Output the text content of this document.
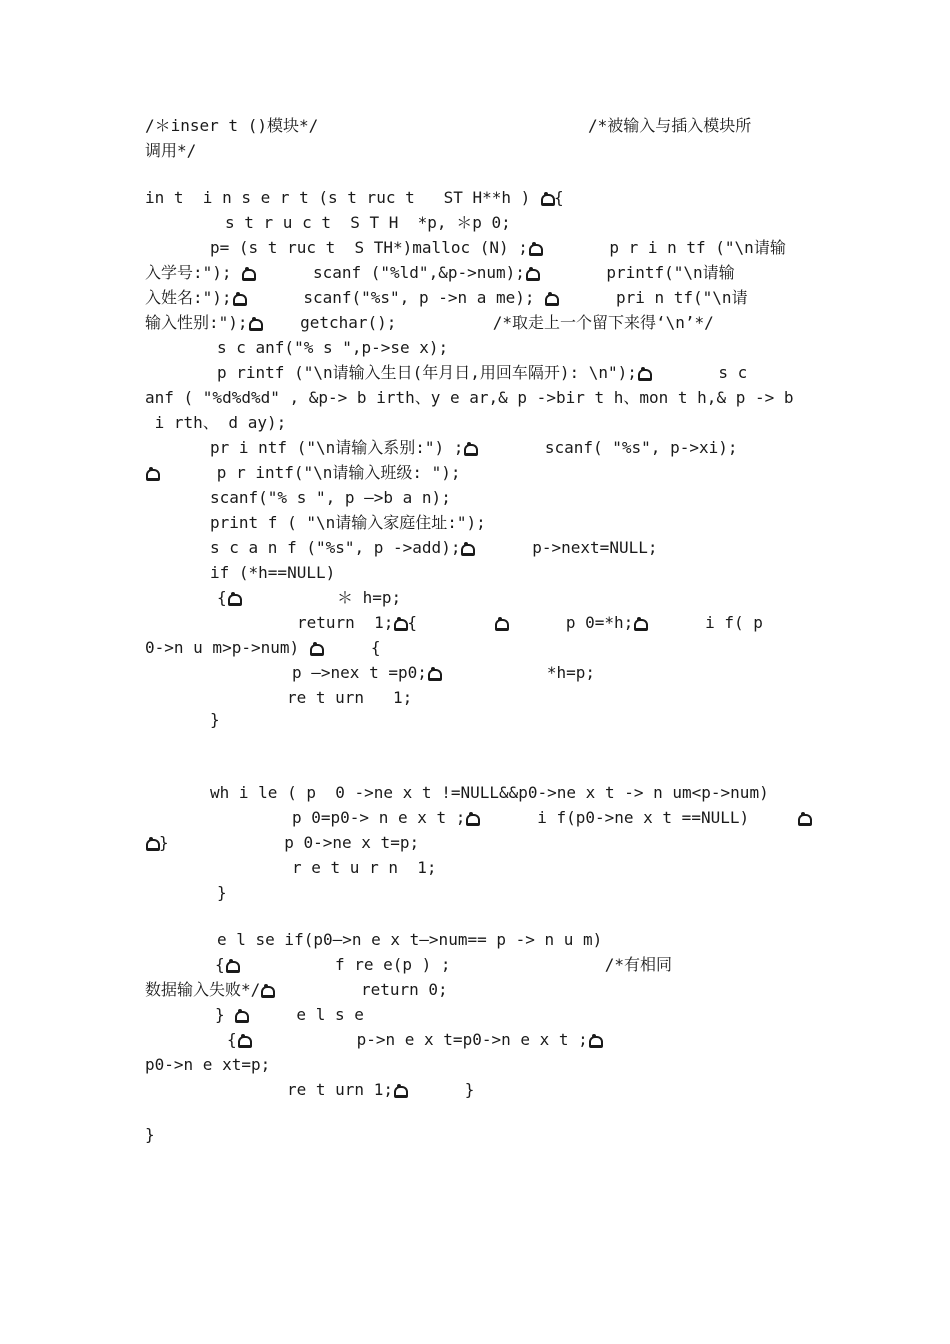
/＊inser t ()模块*/                            /*被输入与插入模块所
调用*/
in t  i n s e r t (s t ruc t   ST H**h ) {
s t r u c t  S T H  *p, ＊p 0;
p= (s t ruc t  S TH*)malloc (N) ;       p r i n tf ("\n请输
入学号:");       scanf ("%ld",&p->num);       printf("\n请输
入姓名:");      scanf("%s", p ->n a me);       pri n tf("\n请
输入性别:");    getchar();          /*取走上一个留下来得‘\n’*/
s c anf("% s ",p->se x);
p rintf ("\n请输入生日(年月日,用回车隔开): \n");       s c
anf ( "%d%d%d" , &p-> b irth、y e ar,& p ->bir t h、mon t h,& p -> b
i rth、 d ay);
pr i ntf ("\n请输入系别:") ;       scanf( "%s", p->xi);
p r intf("\n请输入班级: ");
scanf("% s ", p —>b a n);
print f ( "\n请输入家庭住址:");
s c a n f ("%s", p ->add);      p->next=NULL;
if (*h==NULL)
{          ＊ h=p;
return  1; {              p 0=*h;      i f( p
0->n u m>p->num)      {
p —>nex t =p0;           *h=p;
re t urn   1;
}
wh i le ( p  0 ->ne x t !=NULL&&p0->ne x t -> n um<p->num)
p 0=p0-> n e x t ;      i f(p0->ne x t ==NULL)
}            p 0->ne x t=p;
r e t u r n  1;
}
e l se if(p0—>n e x t—>num== p -> n u m)
{          f re e(p ) ;                /*有相同
数据输入失败*/         return 0;
}      e l s e
{           p->n e x t=p0->n e x t ;
p0->n e xt=p;
re t urn 1;      }
}
